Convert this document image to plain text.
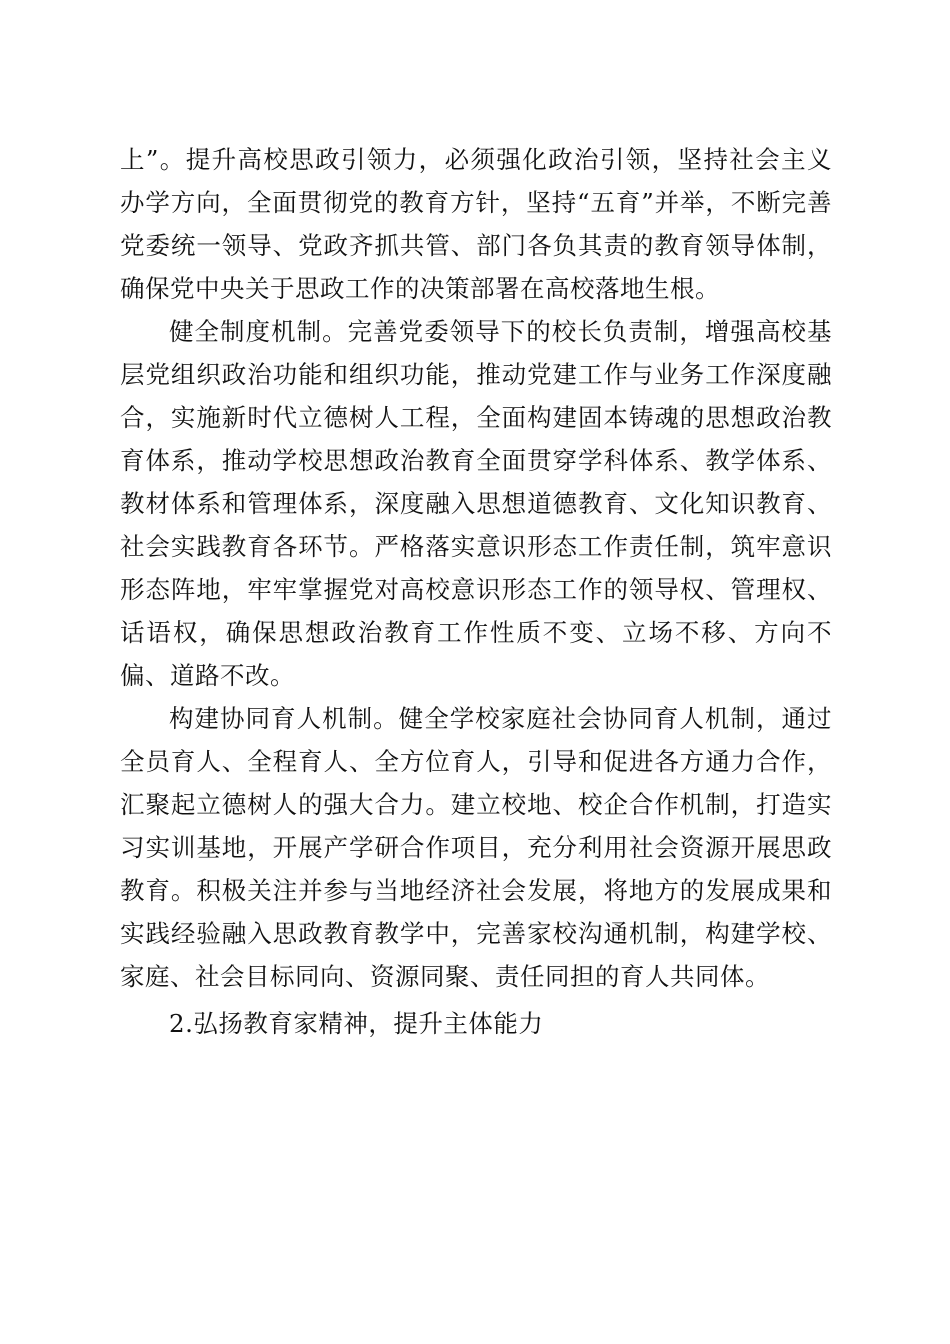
上”。提升高校思政引领力，必须强化政治引领，坚持社会主义办学方向，全面贯彻党的教育方针，坚持“五育”并举，不断完善党委统一领导、党政齐抓共管、部门各负其责的教育领导体制，确保党中央关于思政工作的决策部署在高校落地生根。

健全制度机制。完善党委领导下的校长负责制，增强高校基层党组织政治功能和组织功能，推动党建工作与业务工作深度融合，实施新时代立德树人工程，全面构建固本铸魂的思想政治教育体系，推动学校思想政治教育全面贯穿学科体系、教学体系、教材体系和管理体系，深度融入思想道德教育、文化知识教育、社会实践教育各环节。严格落实意识形态工作责任制，筑牢意识形态阵地，牢牢掌握党对高校意识形态工作的领导权、管理权、话语权，确保思想政治教育工作性质不变、立场不移、方向不偏、道路不改。

构建协同育人机制。健全学校家庭社会协同育人机制，通过全员育人、全程育人、全方位育人，引导和促进各方通力合作，汇聚起立德树人的强大合力。建立校地、校企合作机制，打造实习实训基地，开展产学研合作项目，充分利用社会资源开展思政教育。积极关注并参与当地经济社会发展，将地方的发展成果和实践经验融入思政教育教学中，完善家校沟通机制，构建学校、家庭、社会目标同向、资源同聚、责任同担的育人共同体。

2.弘扬教育家精神，提升主体能力
